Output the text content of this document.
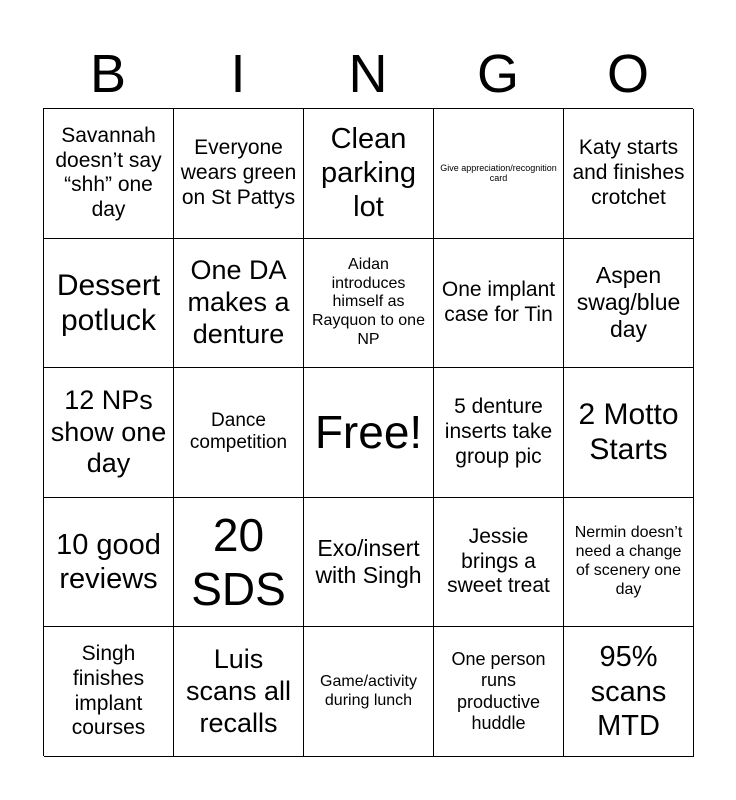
B	I	N	G	O
Savannah doesn’t say “shh” one day
Everyone wears green on St Pattys
Clean parking lot
Give appreciation/recognition card
Katy starts and finishes crotchet
Dessert potluck
One DA makes a denture
Aidan introduces himself as Rayquon to one NP
One implant case for Tin
Aspen swag/blue day
12 NPs show one day
Dance competition Free!	5 denture inserts take group pic
2 Motto Starts
10 good reviews
20 SDS
Exo/insert with Singh
Jessie brings a sweet treat
Nermin doesn’t need a change of scenery one day
Singh finishes implant courses
Luis scans all recalls
Game/activity during lunch
One person runs productive huddle
95% scans MTD
